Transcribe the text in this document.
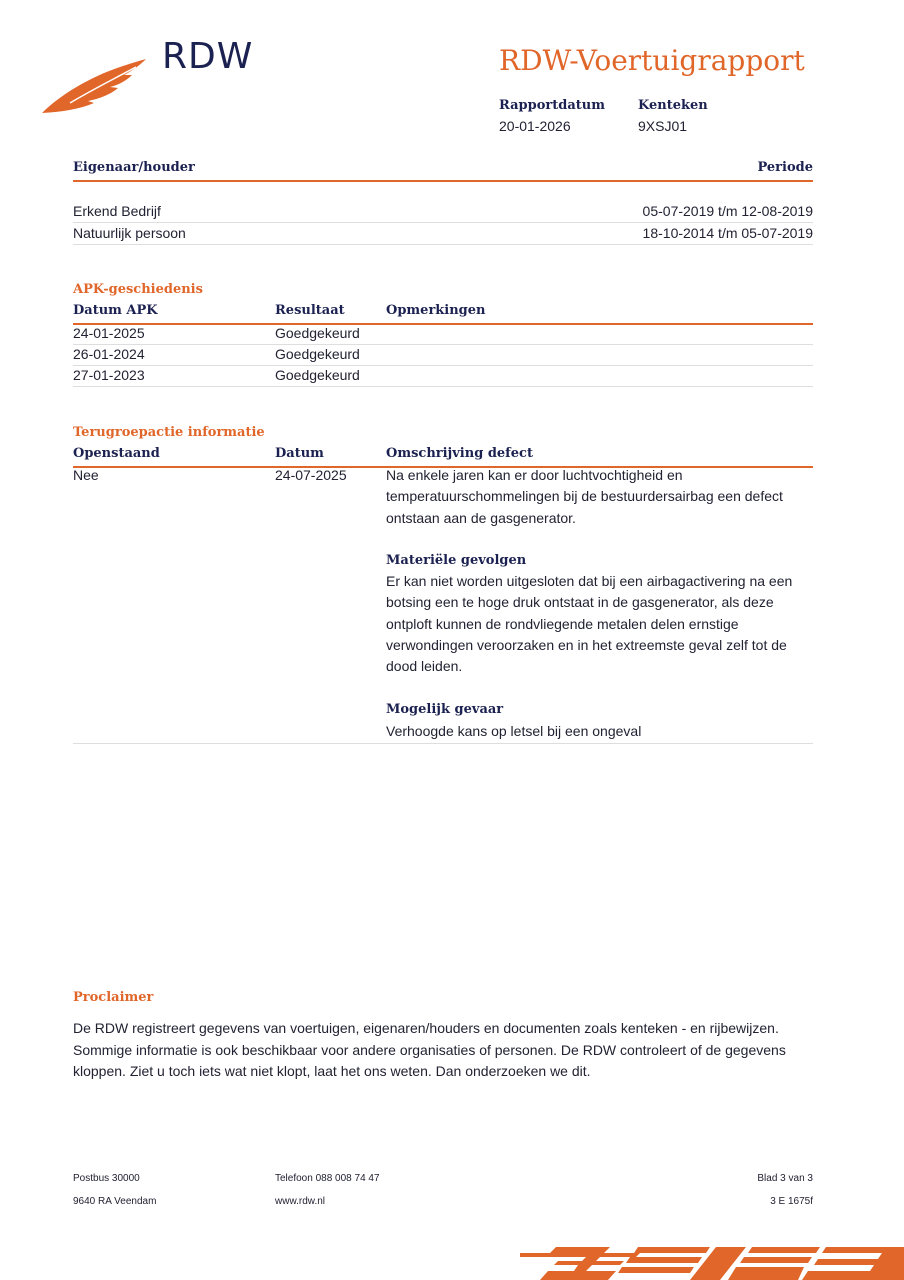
RDW	RDW-Voertuigrapport
Rapportdatum
20-01-2026
Kenteken
9XSJ01
Eigenaar/houder	Periode
Erkend Bedrijf	05-07-2019 t/m 12-08-2019
Natuurlijk persoon	18-10-2014 t/m 05-07-2019
APK-geschiedenis
Datum APK	Resultaat	Opmerkingen
24-01-2025	Goedgekeurd
26-01-2024	Goedgekeurd
27-01-2023	Goedgekeurd
Terugroepactie informatie
Openstaand	Datum	Omschrijving defect
Nee	24-07-2025	Na enkele jaren kan er door luchtvochtigheid en temperatuurschommelingen bij de bestuurdersairbag een defect ontstaan aan de gasgenerator.
Materiële gevolgen
Er kan niet worden uitgesloten dat bij een airbagactivering na een botsing een te hoge druk ontstaat in de gasgenerator, als deze ontploft kunnen de rondvliegende metalen delen ernstige verwondingen veroorzaken en in het extreemste geval zelf tot de dood leiden.
Mogelijk gevaar
Verhoogde kans op letsel bij een ongeval
Proclaimer
De RDW registreert gegevens van voertuigen, eigenaren/houders en documenten zoals kenteken - en rijbewijzen. Sommige informatie is ook beschikbaar voor andere organisaties of personen. De RDW controleert of de gegevens kloppen. Ziet u toch iets wat niet klopt, laat het ons weten. Dan onderzoeken we dit.
Postbus 30000
9640 RA Veendam
Telefoon 088 008 74 47
www.rdw.nl
Blad 3 van 3
3 E 1675f
